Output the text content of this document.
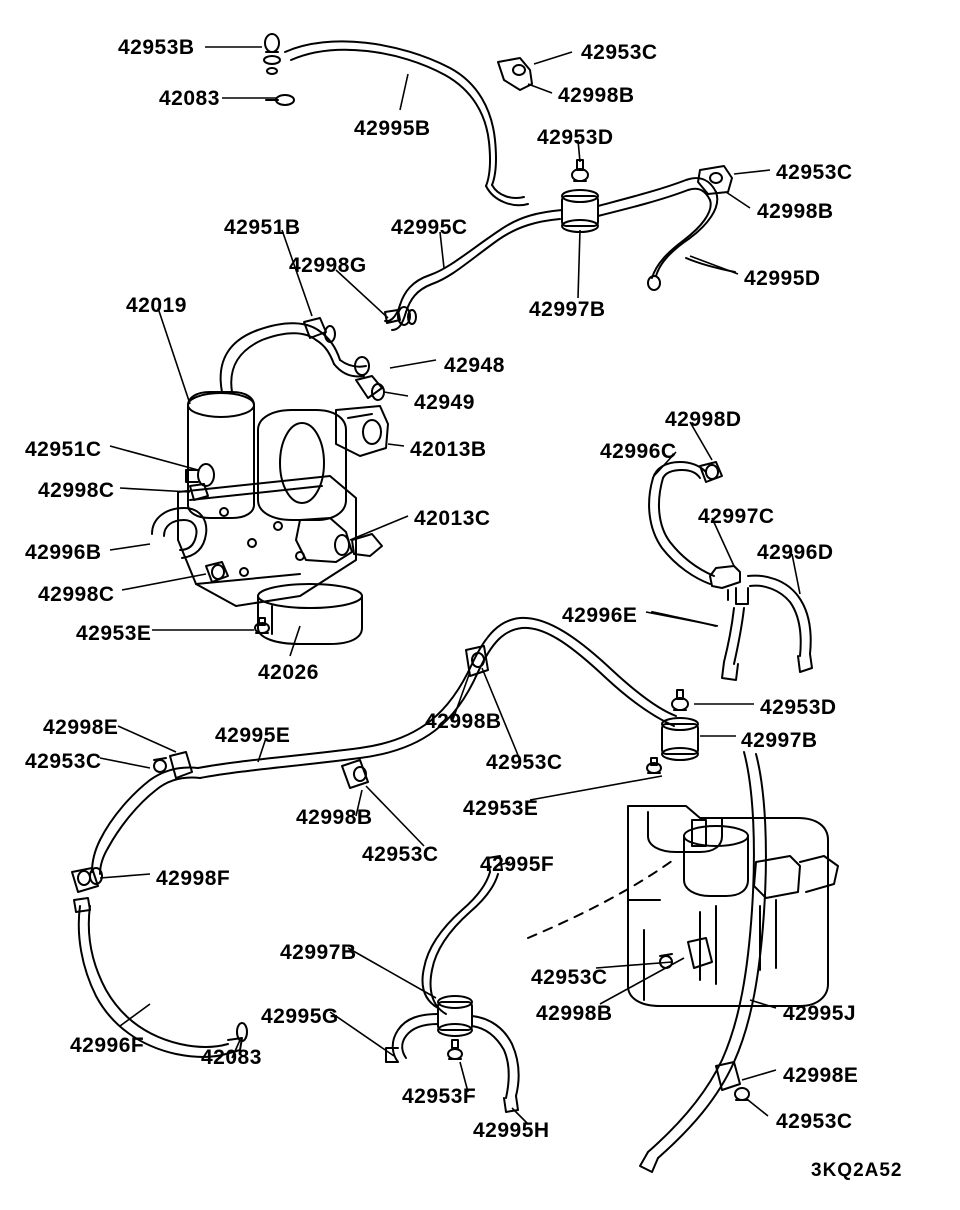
42953B	42953C
42083	42998B
42995B	42953D
42953C
42998B
42951B	42995C
42998G
42995D
42019	42997B
42948
42949
42998D
42951C	42013B	42996C
42998C
42997C
42013C
42996D
42996B
42998C
42996E
42953E
42026
42953D
42995E
42998E	42998B
42997B
42953C	42953C
42953E
42998B
42953C 42995F
42998F
42997B
42953C
42995J
42995G	42998B
42996F
42083
42998E
42953F
42953C
42995H
3KQ2A52
